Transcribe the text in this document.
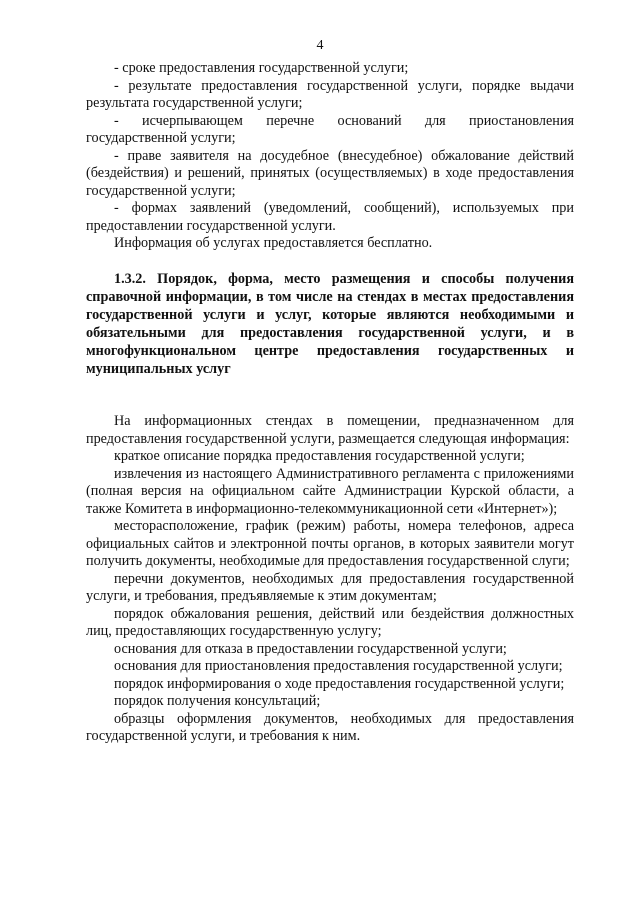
4

- сроке предоставления государственной услуги;

- результате предоставления государственной услуги, порядке выдачи результата государственной услуги;

- исчерпывающем перечне оснований для приостановления государственной услуги;

- праве заявителя на досудебное (внесудебное) обжалование действий (бездействия) и решений, принятых (осуществляемых) в ходе предоставления государственной услуги;

- формах заявлений (уведомлений, сообщений), используемых при предоставлении государственной услуги.

Информация об услугах предоставляется бесплатно.

1.3.2. Порядок, форма, место размещения и способы получения справочной информации, в том числе на стендах в местах предоставления государственной услуги и услуг, которые являются необходимыми и обязательными для предоставления государственной услуги, и в многофункциональном центре предоставления государственных и муниципальных услуг

На информационных стендах в помещении, предназначенном для предоставления государственной услуги, размещается следующая информация:

краткое описание порядка предоставления государственной услуги;

извлечения из настоящего Административного регламента с приложениями (полная версия на официальном сайте Администрации Курской области, а также Комитета в информационно-телекоммуникационной сети «Интернет»);

месторасположение, график (режим) работы, номера телефонов, адреса официальных сайтов и электронной почты органов, в которых заявители могут получить документы, необходимые для предоставления государственной слуги;

перечни документов, необходимых для предоставления государственной услуги, и требования, предъявляемые к этим документам;

порядок обжалования решения, действий или бездействия должностных лиц, предоставляющих государственную услугу;

основания для отказа в предоставлении государственной услуги;

основания для приостановления предоставления государственной услуги;

порядок информирования о ходе предоставления государственной услуги;

порядок получения консультаций;

образцы оформления документов, необходимых для предоставления государственной услуги, и требования к ним.
